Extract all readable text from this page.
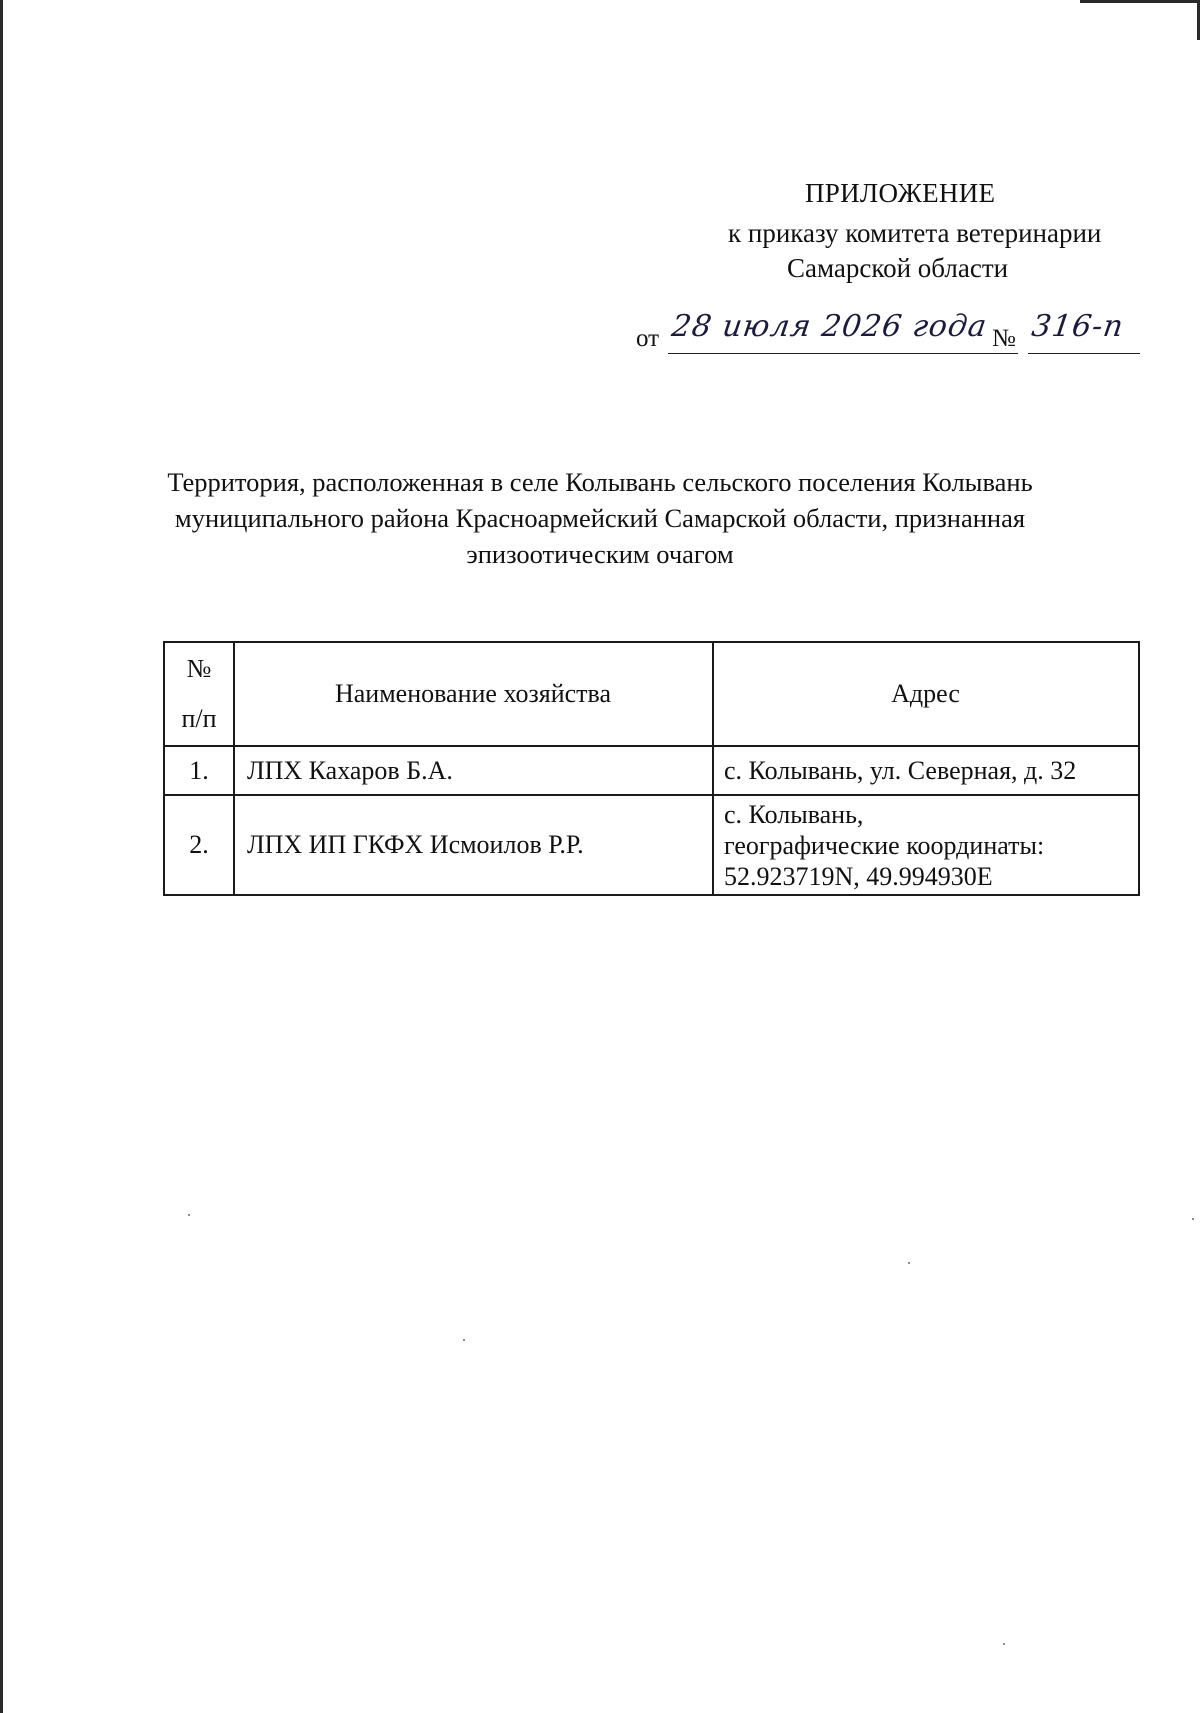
ПРИЛОЖЕНИЕ
к приказу комитета ветеринарии
Самарской области
от 28 июля 2026 года № 316-п
Территория, расположенная в селе Колывань сельского поселения Колывань
муниципального района Красноармейский Самарской области, признанная
эпизоотическим очагом
№
п/п	Наименование хозяйства	Адрес
1.	ЛПХ Кахаров Б.А.	с. Колывань, ул. Северная, д. 32

2.	ЛПХ ИП ГКФХ Исмоилов Р.Р.	с. Колывань,
географические координаты:
52.923719N, 49.994930E
